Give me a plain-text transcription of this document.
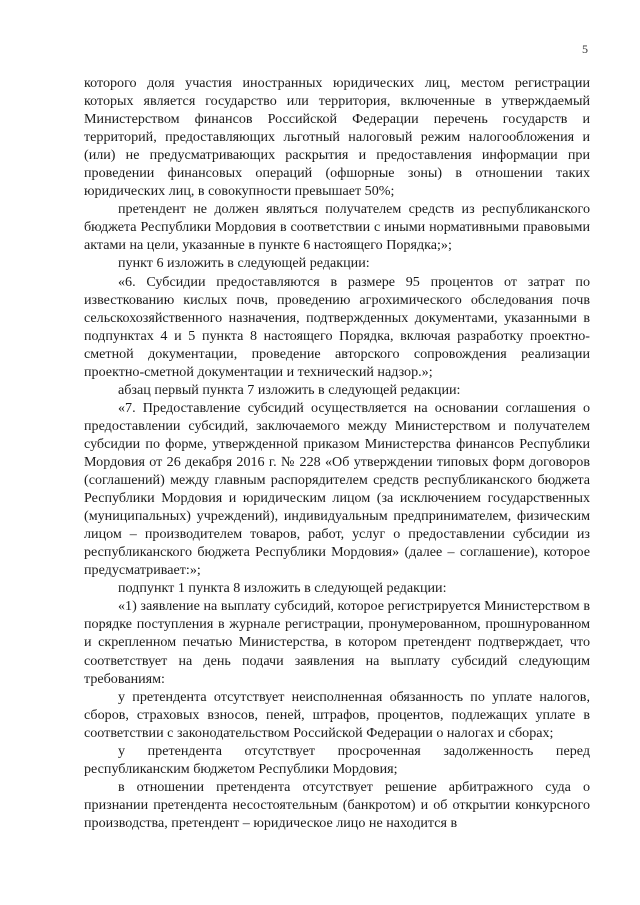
5

которого доля участия иностранных юридических лиц, местом регистрации которых является государство или территория, включенные в утверждаемый Министерством финансов Российской Федерации перечень государств и территорий, предоставляющих льготный налоговый режим налогообложения и (или) не предусматривающих раскрытия и предоставления информации при проведении финансовых операций (офшорные зоны) в отношении таких юридических лиц, в совокупности превышает 50%;

претендент не должен являться получателем средств из республиканского бюджета Республики Мордовия в соответствии с иными нормативными правовыми актами на цели, указанные в пункте 6 настоящего Порядка;»;

пункт 6 изложить в следующей редакции:

«6. Субсидии предоставляются в размере 95 процентов от затрат по известкованию кислых почв, проведению агрохимического обследования почв сельскохозяйственного назначения, подтвержденных документами, указанными в подпунктах 4 и 5 пункта 8 настоящего Порядка, включая разработку проектно-сметной документации, проведение авторского сопровождения реализации проектно-сметной документации и технический надзор.»;

абзац первый пункта 7 изложить в следующей редакции:

«7. Предоставление субсидий осуществляется на основании соглашения о предоставлении субсидий, заключаемого между Министерством и получателем субсидии по форме, утвержденной приказом Министерства финансов Республики Мордовия от 26 декабря 2016 г. № 228 «Об утверждении типовых форм договоров (соглашений) между главным распорядителем средств республиканского бюджета Республики Мордовия и юридическим лицом (за исключением государственных (муниципальных) учреждений), индивидуальным предпринимателем, физическим лицом – производителем товаров, работ, услуг о предоставлении субсидии из республиканского бюджета Республики Мордовия» (далее – соглашение), которое предусматривает:»;

подпункт 1 пункта 8 изложить в следующей редакции:

«1) заявление на выплату субсидий, которое регистрируется Министерством в порядке поступления в журнале регистрации, пронумерованном, прошнурованном и скрепленном печатью Министерства, в котором претендент подтверждает, что соответствует на день подачи заявления на выплату субсидий следующим требованиям:

у претендента отсутствует неисполненная обязанность по уплате налогов, сборов, страховых взносов, пеней, штрафов, процентов, подлежащих уплате в соответствии с законодательством Российской Федерации о налогах и сборах;

у претендента отсутствует просроченная задолженность перед республиканским бюджетом Республики Мордовия;

в отношении претендента отсутствует решение арбитражного суда о признании претендента несостоятельным (банкротом) и об открытии конкурсного производства, претендент – юридическое лицо не находится в
